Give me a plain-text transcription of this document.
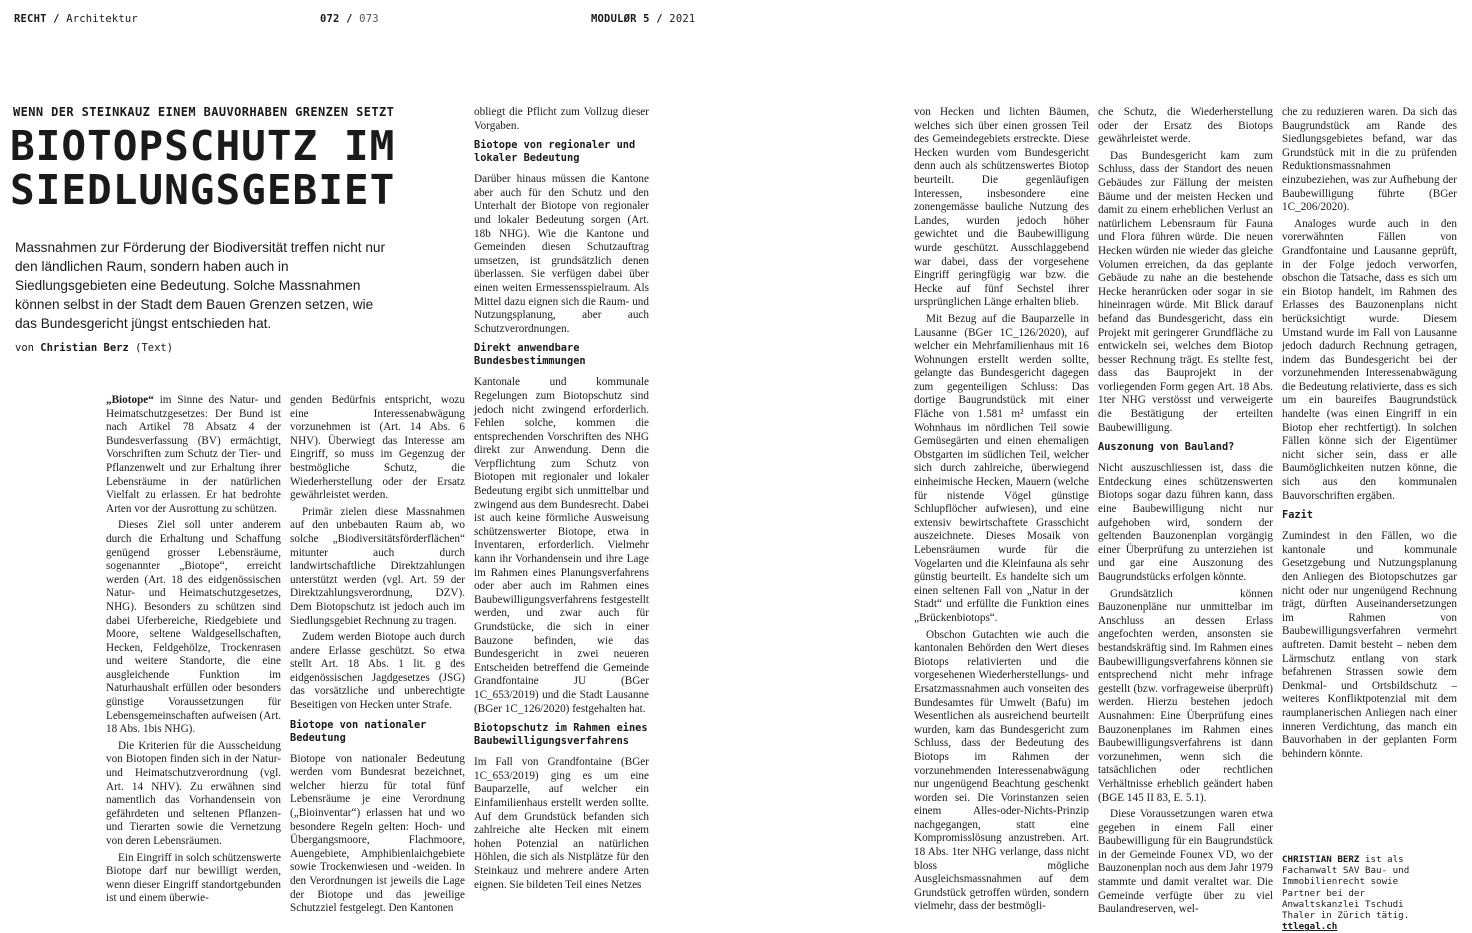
RECHT / Architektur	072 / 073	MODULØR 5 / 2021
WENN DER STEINKAUZ EINEM BAUVORHABEN GRENZEN SETZT
BIOTOPSCHUTZ IM
SIEDLUNGSGEBIET
Massnahmen zur Förderung der Biodiversität treffen nicht nur den ländlichen Raum, sondern haben auch in Siedlungsgebieten eine Bedeutung. Solche Massnahmen können selbst in der Stadt dem Bauen Grenzen setzen, wie das Bundesgericht jüngst entschieden hat.
von Christian Berz (Text)

„Biotope“ im Sinne des Natur- und Heimatschutzgesetzes: Der Bund ist nach Artikel 78 Absatz 4 der Bundesverfassung (BV) ermächtigt, Vorschriften zum Schutz der Tier- und Pflanzenwelt und zur Erhaltung ihrer Lebensräume in der natürlichen Vielfalt zu erlassen. Er hat bedrohte Arten vor der Ausrottung zu schützen.

Dieses Ziel soll unter anderem durch die Erhaltung und Schaffung genügend grosser Lebensräume, sogenannter „Biotope“, erreicht werden (Art. 18 des eidgenössischen Natur- und Heimatschutzgesetzes, NHG). Besonders zu schützen sind dabei Uferbereiche, Riedgebiete und Moore, seltene Waldgesellschaften, Hecken, Feldgehölze, Trockenrasen und weitere Standorte, die eine ausgleichende Funktion im Naturhaushalt erfüllen oder besonders günstige Voraussetzungen für Lebensgemeinschaften aufweisen (Art. 18 Abs. 1bis NHG).

Die Kriterien für die Ausscheidung von Biotopen finden sich in der Natur- und Heimatschutzverordnung (vgl. Art. 14 NHV). Zu erwähnen sind namentlich das Vorhandensein von gefährdeten und seltenen Pflanzen- und Tierarten sowie die Vernetzung von deren Lebensräumen.

Ein Eingriff in solch schützenswerte Biotope darf nur bewilligt werden, wenn dieser Eingriff standortgebunden ist und einem überwie-

genden Bedürfnis entspricht, wozu eine Interessenabwägung vorzunehmen ist (Art. 14 Abs. 6 NHV). Überwiegt das Interesse am Eingriff, so muss im Gegenzug der bestmögliche Schutz, die Wiederherstellung oder der Ersatz gewährleistet werden.

Primär zielen diese Massnahmen auf den unbebauten Raum ab, wo solche „Biodiversitätsförderflächen“ mitunter auch durch landwirtschaftliche Direktzahlungen unterstützt werden (vgl. Art. 59 der Direktzahlungsverordnung, DZV). Dem Biotopschutz ist jedoch auch im Siedlungsgebiet Rechnung zu tragen.

Zudem werden Biotope auch durch andere Erlasse geschützt. So etwa stellt Art. 18 Abs. 1 lit. g des eidgenössischen Jagdgesetzes (JSG) das vorsätzliche und unberechtigte Beseitigen von Hecken unter Strafe.

Biotope von nationaler Bedeutung

Biotope von nationaler Bedeutung werden vom Bundesrat bezeichnet, welcher hierzu für total fünf Lebensräume je eine Verordnung („Bioinventar“) erlassen hat und wo besondere Regeln gelten: Hoch- und Übergangsmoore, Flachmoore, Auengebiete, Amphibienlaichgebiete sowie Trockenwiesen und -weiden. In den Verordnungen ist jeweils die Lage der Biotope und das jeweilige Schutzziel festgelegt. Den Kantonen

obliegt die Pflicht zum Vollzug dieser Vorgaben.

Biotope von regionaler und lokaler Bedeutung

Darüber hinaus müssen die Kantone aber auch für den Schutz und den Unterhalt der Biotope von regionaler und lokaler Bedeutung sorgen (Art. 18b NHG). Wie die Kantone und Gemeinden diesen Schutzauftrag umsetzen, ist grundsätzlich denen überlassen. Sie verfügen dabei über einen weiten Ermessensspielraum. Als Mittel dazu eignen sich die Raum- und Nutzungsplanung, aber auch Schutzverordnungen.

Direkt anwendbare Bundesbestimmungen

Kantonale und kommunale Regelungen zum Biotopschutz sind jedoch nicht zwingend erforderlich. Fehlen solche, kommen die entsprechenden Vorschriften des NHG direkt zur Anwendung. Denn die Verpflichtung zum Schutz von Biotopen mit regionaler und lokaler Bedeutung ergibt sich unmittelbar und zwingend aus dem Bundesrecht. Dabei ist auch keine förmliche Ausweisung schützenswerter Biotope, etwa in Inventaren, erforderlich. Vielmehr kann ihr Vorhandensein und ihre Lage im Rahmen eines Planungsverfahrens oder aber auch im Rahmen eines Baubewilligungsverfahrens festgestellt werden, und zwar auch für Grundstücke, die sich in einer Bauzone befinden, wie das Bundesgericht in zwei neueren Entscheiden betreffend die Gemeinde Grandfontaine JU (BGer 1C_653/2019) und die Stadt Lausanne (BGer 1C_126/2020) festgehalten hat.

Biotopschutz im Rahmen eines Baubewilligungsverfahrens

Im Fall von Grandfontaine (BGer 1C_653/2019) ging es um eine Bauparzelle, auf welcher ein Einfamilienhaus erstellt werden sollte. Auf dem Grundstück befanden sich zahlreiche alte Hecken mit einem hohen Potenzial an natürlichen Höhlen, die sich als Nistplätze für den Steinkauz und mehrere andere Arten eignen. Sie bildeten Teil eines Netzes

von Hecken und lichten Bäumen, welches sich über einen grossen Teil des Gemeindegebiets erstreckte. Diese Hecken wurden vom Bundesgericht denn auch als schützenswertes Biotop beurteilt. Die gegenläufigen Interessen, insbesondere eine zonengemässe bauliche Nutzung des Landes, wurden jedoch höher gewichtet und die Baubewilligung wurde geschützt. Ausschlaggebend war dabei, dass der vorgesehene Eingriff geringfügig war bzw. die Hecke auf fünf Sechstel ihrer ursprünglichen Länge erhalten blieb.

Mit Bezug auf die Bauparzelle in Lausanne (BGer 1C_126/2020), auf welcher ein Mehrfamilienhaus mit 16 Wohnungen erstellt werden sollte, gelangte das Bundesgericht dagegen zum gegenteiligen Schluss: Das dortige Baugrundstück mit einer Fläche von 1.581 m² umfasst ein Wohnhaus im nördlichen Teil sowie Gemüsegärten und einen ehemaligen Obstgarten im südlichen Teil, welcher sich durch zahlreiche, überwiegend einheimische Hecken, Mauern (welche für nistende Vögel günstige Schlupflöcher aufwiesen), und eine extensiv bewirtschaftete Grasschicht auszeichnete. Dieses Mosaik von Lebensräumen wurde für die Vogelarten und die Kleinfauna als sehr günstig beurteilt. Es handelte sich um einen seltenen Fall von „Natur in der Stadt“ und erfüllte die Funktion eines „Brückenbiotops“.

Obschon Gutachten wie auch die kantonalen Behörden den Wert dieses Biotops relativierten und die vorgesehenen Wiederherstellungs- und Ersatzmassnahmen auch vonseiten des Bundesamtes für Umwelt (Bafu) im Wesentlichen als ausreichend beurteilt wurden, kam das Bundesgericht zum Schluss, dass der Bedeutung des Biotops im Rahmen der vorzunehmenden Interessenabwägung nur ungenügend Beachtung geschenkt worden sei. Die Vorinstanzen seien einem Alles-oder-Nichts-Prinzip nachgegangen, statt eine Kompromisslösung anzustreben. Art. 18 Abs. 1ter NHG verlange, dass nicht bloss mögliche Ausgleichsmassnahmen auf dem Grundstück getroffen würden, sondern vielmehr, dass der bestmögli-

che Schutz, die Wiederherstellung oder der Ersatz des Biotops gewährleistet werde.

Das Bundesgericht kam zum Schluss, dass der Standort des neuen Gebäudes zur Fällung der meisten Bäume und der meisten Hecken und damit zu einem erheblichen Verlust an natürlichem Lebensraum für Fauna und Flora führen würde. Die neuen Hecken würden nie wieder das gleiche Volumen erreichen, da das geplante Gebäude zu nahe an die bestehende Hecke heranrücken oder sogar in sie hineinragen würde. Mit Blick darauf befand das Bundesgericht, dass ein Projekt mit geringerer Grundfläche zu entwickeln sei, welches dem Biotop besser Rechnung trägt. Es stellte fest, dass das Bauprojekt in der vorliegenden Form gegen Art. 18 Abs. 1ter NHG verstösst und verweigerte die Bestätigung der erteilten Baubewilligung.

Auszonung von Bauland?

Nicht auszuschliessen ist, dass die Entdeckung eines schützenswerten Biotops sogar dazu führen kann, dass eine Baubewilligung nicht nur aufgehoben wird, sondern der geltenden Bauzonenplan vorgängig einer Überprüfung zu unterziehen ist und gar eine Auszonung des Baugrundstücks erfolgen könnte.

Grundsätzlich können Bauzonenpläne nur unmittelbar im Anschluss an dessen Erlass angefochten werden, ansonsten sie bestandskräftig sind. Im Rahmen eines Baubewilligungsverfahrens können sie entsprechend nicht mehr infrage gestellt (bzw. vorfrageweise überprüft) werden. Hierzu bestehen jedoch Ausnahmen: Eine Überprüfung eines Bauzonenplanes im Rahmen eines Baubewilligungsverfahrens ist dann vorzunehmen, wenn sich die tatsächlichen oder rechtlichen Verhältnisse erheblich geändert haben (BGE 145 II 83, E. 5.1).

Diese Voraussetzungen waren etwa gegeben in einem Fall einer Baubewilligung für ein Baugrundstück in der Gemeinde Founex VD, wo der Bauzonenplan noch aus dem Jahr 1979 stammte und damit veraltet war. Die Gemeinde verfügte über zu viel Baulandreserven, wel-

che zu reduzieren waren. Da sich das Baugrundstück am Rande des Siedlungsgebietes befand, war das Grundstück mit in die zu prüfenden Reduktionsmassnahmen einzubeziehen, was zur Aufhebung der Baubewilligung führte (BGer 1C_206/2020).

Analoges wurde auch in den vorerwähnten Fällen von Grandfontaine und Lausanne geprüft, in der Folge jedoch verworfen, obschon die Tatsache, dass es sich um ein Biotop handelt, im Rahmen des Erlasses des Bauzonenplans nicht berücksichtigt wurde. Diesem Umstand wurde im Fall von Lausanne jedoch dadurch Rechnung getragen, indem das Bundesgericht bei der vorzunehmenden Interessenabwägung die Bedeutung relativierte, dass es sich um ein baureifes Baugrundstück handelte (was einen Eingriff in ein Biotop eher rechtfertigt). In solchen Fällen könne sich der Eigentümer nicht sicher sein, dass er alle Baumöglichkeiten nutzen könne, die sich aus den kommunalen Bauvorschriften ergäben.

Fazit

Zumindest in den Fällen, wo die kantonale und kommunale Gesetzgebung und Nutzungsplanung den Anliegen des Biotopschutzes gar nicht oder nur ungenügend Rechnung trägt, dürften Auseinandersetzungen im Rahmen von Baubewilligungsverfahren vermehrt auftreten. Damit besteht – neben dem Lärmschutz entlang von stark befahrenen Strassen sowie dem Denkmal- und Ortsbildschutz – weiteres Konfliktpotenzial mit dem raumplanerischen Anliegen nach einer inneren Verdichtung, das manch ein Bauvorhaben in der geplanten Form behindern könnte.

CHRISTIAN BERZ ist als Fachanwalt SAV Bau- und Immobilienrecht sowie Partner bei der Anwaltskanzlei Tschudi Thaler in Zürich tätig.
ttlegal.ch
